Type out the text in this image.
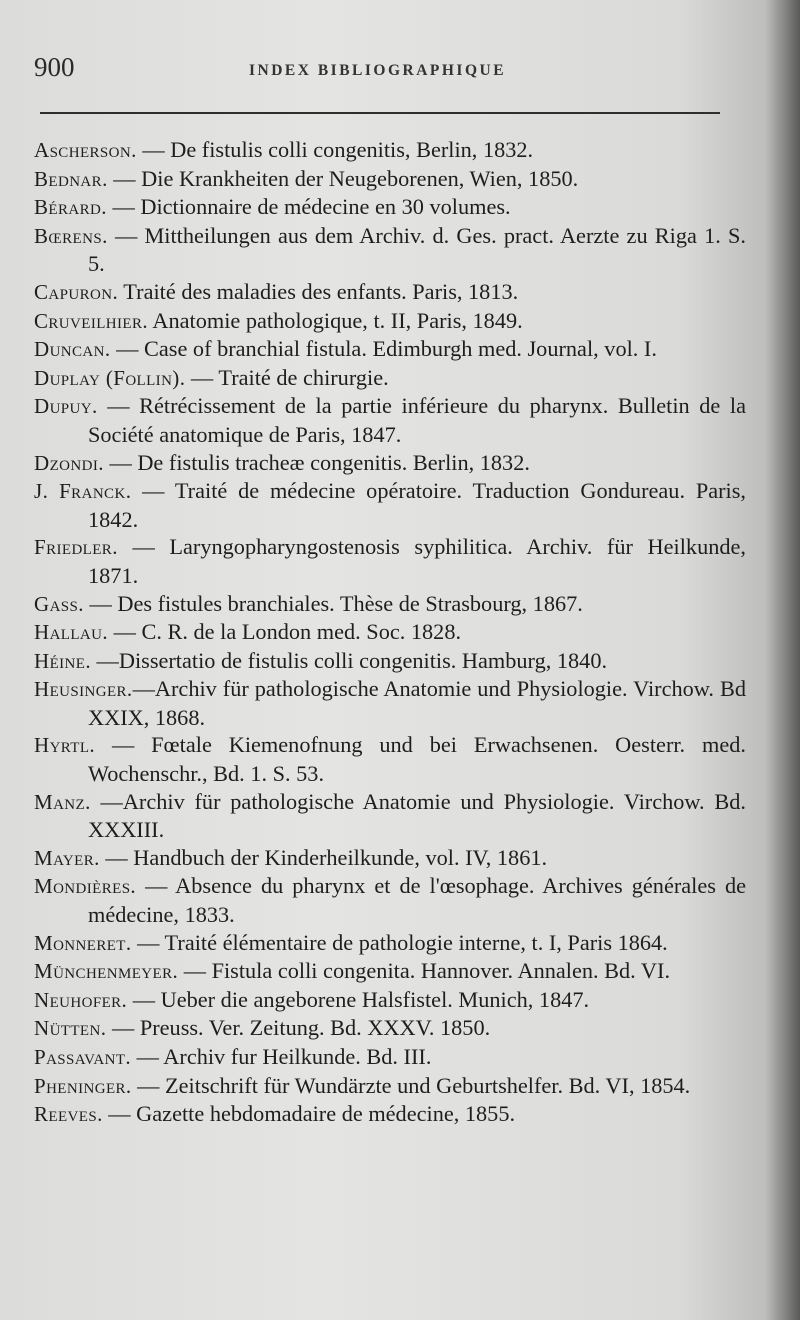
900	INDEX BIBLIOGRAPHIQUE

Ascherson. — De fistulis colli congenitis, Berlin, 1832.

Bednar. — Die Krankheiten der Neugeborenen, Wien, 1850.

Bérard. — Dictionnaire de médecine en 30 volumes.

Bœrens. — Mittheilungen aus dem Archiv. d. Ges. pract. Aerzte zu Riga 1. S. 5.

Capuron. Traité des maladies des enfants. Paris, 1813.

Cruveilhier. Anatomie pathologique, t. II, Paris, 1849.

Duncan. — Case of branchial fistula. Edimburgh med. Journal, vol. I.

Duplay (Follin). — Traité de chirurgie.

Dupuy. — Rétrécissement de la partie inférieure du pharynx. Bulletin de la Société anatomique de Paris, 1847.

Dzondi. — De fistulis tracheæ congenitis. Berlin, 1832.

J. Franck. — Traité de médecine opératoire. Traduction Gondureau. Paris, 1842.

Friedler. — Laryngopharyngostenosis syphilitica. Archiv. für Heilkunde, 1871.

Gass. — Des fistules branchiales. Thèse de Strasbourg, 1867.

Hallau. — C. R. de la London med. Soc. 1828.

Héine. —Dissertatio de fistulis colli congenitis. Hamburg, 1840.

Heusinger.—Archiv für pathologische Anatomie und Physiologie. Virchow. Bd XXIX, 1868.

Hyrtl. — Fœtale Kiemenofnung und bei Erwachsenen. Oesterr. med. Wochenschr., Bd. 1. S. 53.

Manz. —Archiv für pathologische Anatomie und Physiologie. Virchow. Bd. XXXIII.

Mayer. — Handbuch der Kinderheilkunde, vol. IV, 1861.

Mondières. — Absence du pharynx et de l'œsophage. Archives générales de médecine, 1833.

Monneret. — Traité élémentaire de pathologie interne, t. I, Paris 1864.

Münchenmeyer. — Fistula colli congenita. Hannover. Annalen. Bd. VI.

Neuhofer. — Ueber die angeborene Halsfistel. Munich, 1847.

Nütten. — Preuss. Ver. Zeitung. Bd. XXXV. 1850.

Passavant. — Archiv fur Heilkunde. Bd. III.

Pheninger. — Zeitschrift für Wundärzte und Geburtshelfer. Bd. VI, 1854.

Reeves. — Gazette hebdomadaire de médecine, 1855.
